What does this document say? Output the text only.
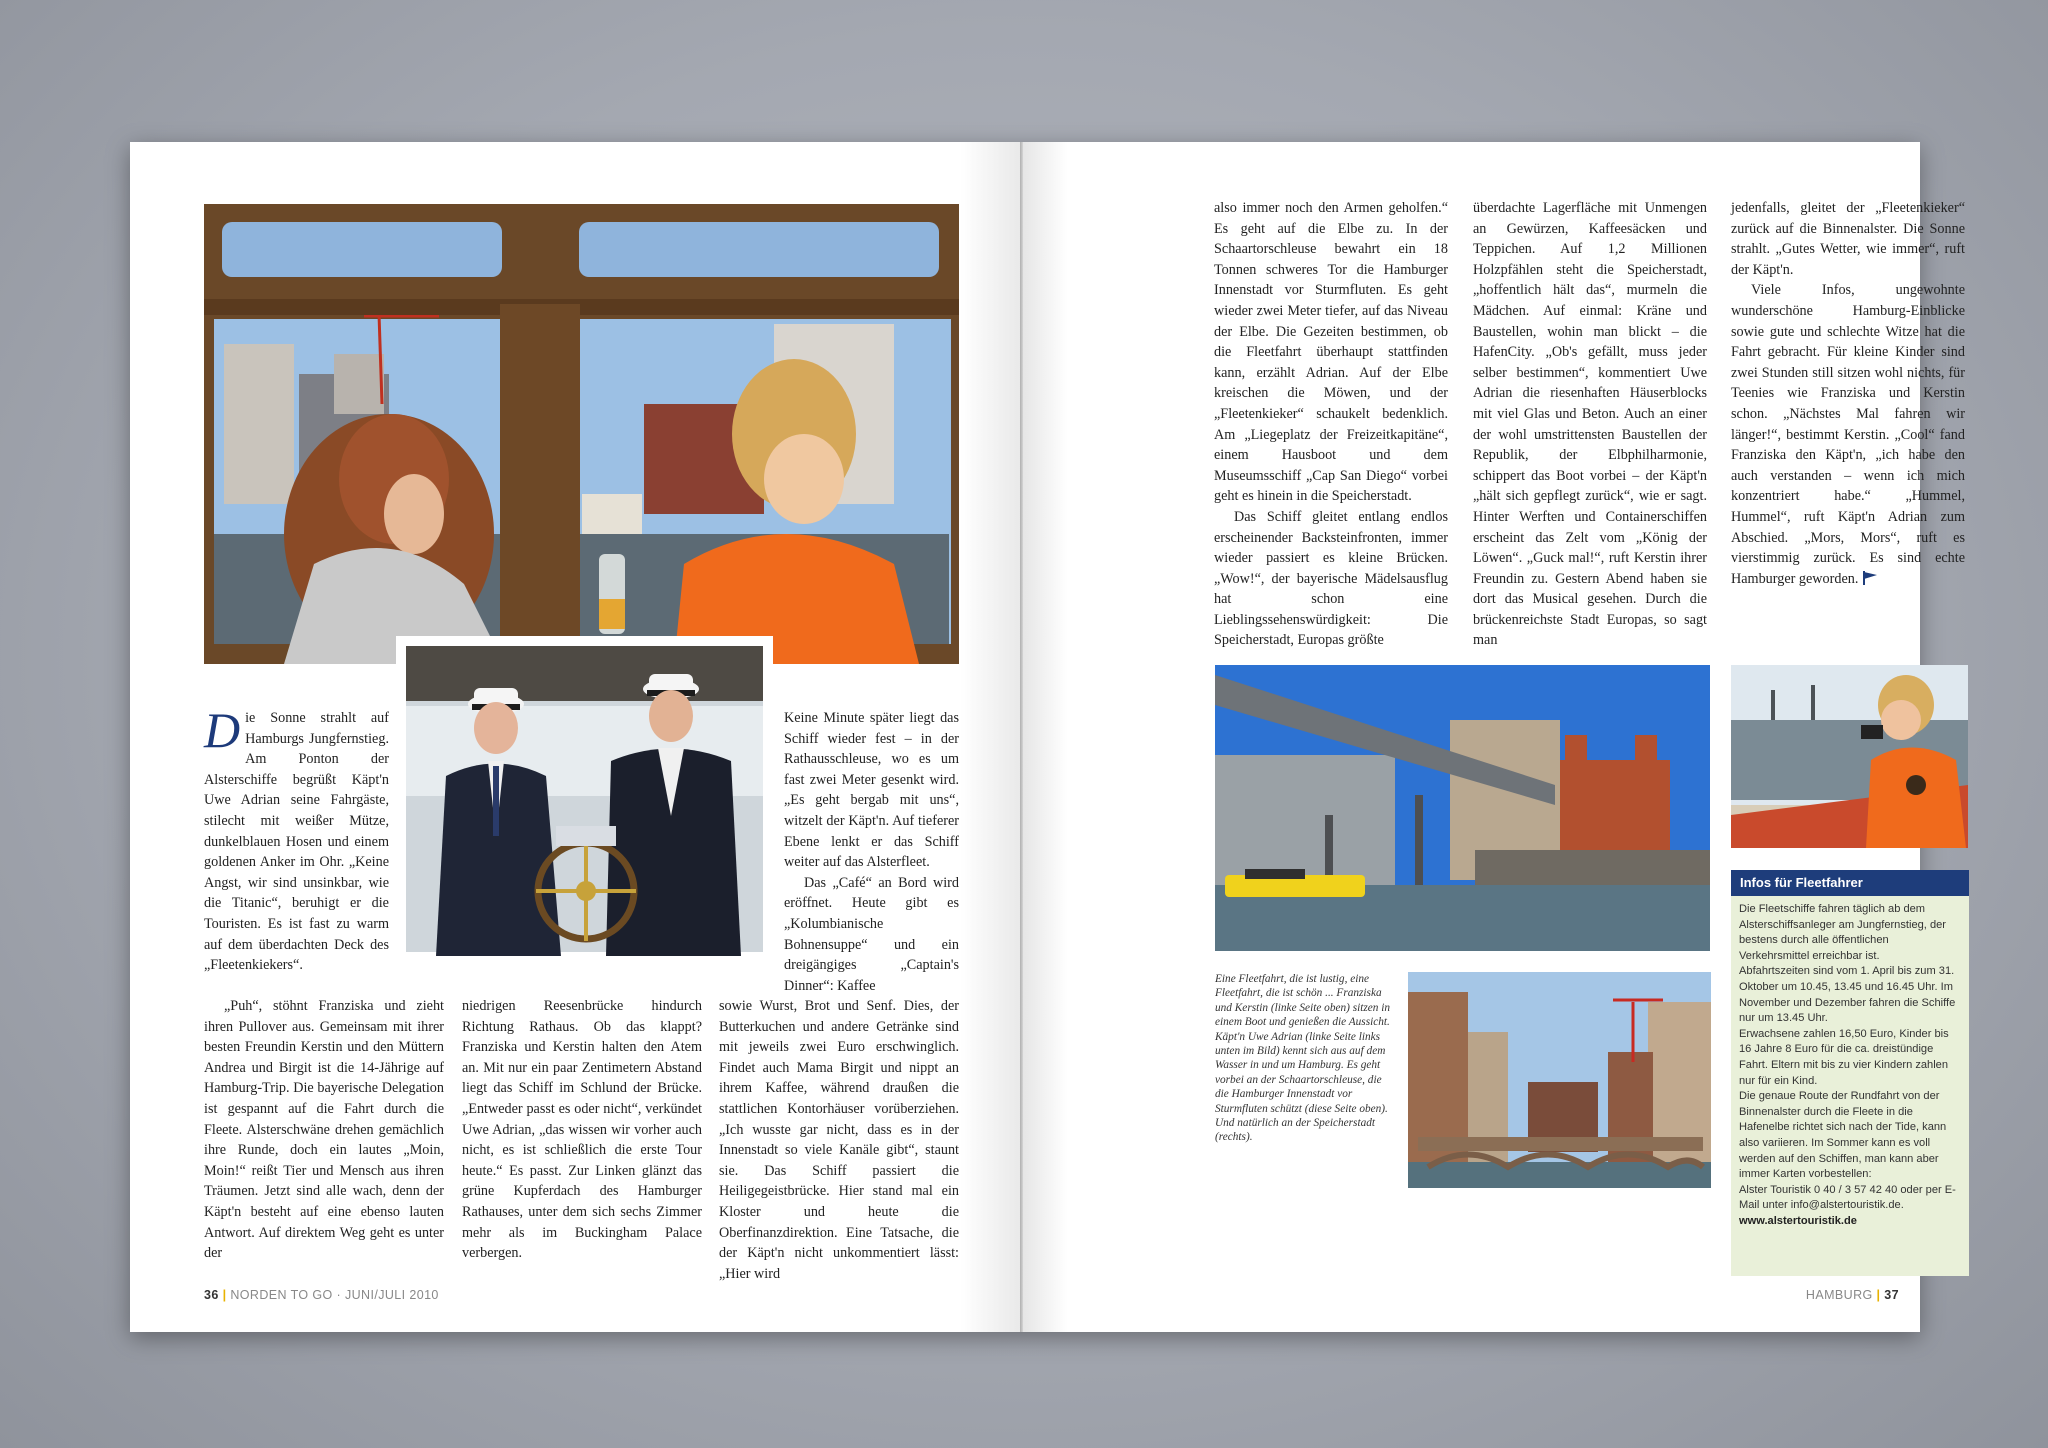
Die Sonne strahlt auf Hamburgs Jungfernstieg. Am Ponton der Alsterschiffe begrüßt Käpt'n Uwe Adrian seine Fahrgäste, stilecht mit weißer Mütze, dunkelblauen Hosen und einem goldenen Anker im Ohr. „Keine Angst, wir sind unsinkbar, wie die Titanic“, beruhigt er die Touristen. Es ist fast zu warm auf dem überdachten Deck des „Fleetenkiekers“.

„Puh“, stöhnt Franziska und zieht ihren Pullover aus. Gemeinsam mit ihrer besten Freundin Kerstin und den Müttern Andrea und Birgit ist die 14-Jährige auf Hamburg-Trip. Die bayerische Delegation ist gespannt auf die Fahrt durch die Fleete. Alsterschwäne drehen gemächlich ihre Runde, doch ein lautes „Moin, Moin!“ reißt Tier und Mensch aus ihren Träumen. Jetzt sind alle wach, denn der Käpt'n besteht auf eine ebenso lauten Antwort. Auf direktem Weg geht es unter der

niedrigen Reesenbrücke hindurch Richtung Rathaus. Ob das klappt? Franziska und Kerstin halten den Atem an. Mit nur ein paar Zentimetern Abstand liegt das Schiff im Schlund der Brücke. „Entweder passt es oder nicht“, verkündet Uwe Adrian, „das wissen wir vorher auch nicht, es ist schließlich die erste Tour heute.“ Es passt. Zur Linken glänzt das grüne Kupferdach des Hamburger Rathauses, unter dem sich sechs Zimmer mehr als im Buckingham Palace verbergen.

Keine Minute später liegt das Schiff wieder fest – in der Rathausschleuse, wo es um fast zwei Meter gesenkt wird. „Es geht bergab mit uns“, witzelt der Käpt'n. Auf tieferer Ebene lenkt er das Schiff weiter auf das Alsterfleet.

Das „Café“ an Bord wird eröffnet. Heute gibt es „Kolumbianische Bohnensuppe“ und ein dreigängiges „Captain's Dinner“: Kaffee

sowie Wurst, Brot und Senf. Dies, der Butterkuchen und andere Getränke sind mit jeweils zwei Euro erschwinglich. Findet auch Mama Birgit und nippt an ihrem Kaffee, während draußen die stattlichen Kontorhäuser vorüberziehen. „Ich wusste gar nicht, dass es in der Innenstadt so viele Kanäle gibt“, staunt sie. Das Schiff passiert die Heiligegeistbrücke. Hier stand mal ein Kloster und heute die Oberfinanzdirektion. Eine Tatsache, die der Käpt'n nicht unkommentiert lässt: „Hier wird

36 | NORDEN TO GO · JUNI/JULI 2010

also immer noch den Armen geholfen.“ Es geht auf die Elbe zu. In der Schaartorschleuse bewahrt ein 18 Tonnen schweres Tor die Hamburger Innenstadt vor Sturmfluten. Es geht wieder zwei Meter tiefer, auf das Niveau der Elbe. Die Gezeiten bestimmen, ob die Fleetfahrt überhaupt stattfinden kann, erzählt Adrian. Auf der Elbe kreischen die Möwen, und der „Fleetenkieker“ schaukelt bedenklich. Am „Liegeplatz der Freizeitkapitäne“, einem Hausboot und dem Museumsschiff „Cap San Diego“ vorbei geht es hinein in die Speicherstadt.

Das Schiff gleitet entlang endlos erscheinender Backsteinfronten, immer wieder passiert es kleine Brücken. „Wow!“, der bayerische Mädelsausflug hat schon eine Lieblingssehenswürdigkeit: Die Speicherstadt, Europas größte

überdachte Lagerfläche mit Unmengen an Gewürzen, Kaffeesäcken und Teppichen. Auf 1,2 Millionen Holzpfählen steht die Speicherstadt, „hoffentlich hält das“, murmeln die Mädchen. Auf einmal: Kräne und Baustellen, wohin man blickt – die HafenCity. „Ob's gefällt, muss jeder selber bestimmen“, kommentiert Uwe Adrian die riesenhaften Häuserblocks mit viel Glas und Beton. Auch an einer der wohl umstrittensten Baustellen der Republik, der Elbphilharmonie, schippert das Boot vorbei – der Käpt'n „hält sich gepflegt zurück“, wie er sagt. Hinter Werften und Containerschiffen erscheint das Zelt vom „König der Löwen“. „Guck mal!“, ruft Kerstin ihrer Freundin zu. Gestern Abend haben sie dort das Musical gesehen. Durch die brückenreichste Stadt Europas, so sagt man

jedenfalls, gleitet der „Fleetenkieker“ zurück auf die Binnenalster. Die Sonne strahlt. „Gutes Wetter, wie immer“, ruft der Käpt'n.

Viele Infos, ungewohnte wunderschöne Hamburg-Einblicke sowie gute und schlechte Witze hat die Fahrt gebracht. Für kleine Kinder sind zwei Stunden still sitzen wohl nichts, für Teenies wie Franziska und Kerstin schon. „Nächstes Mal fahren wir länger!“, bestimmt Kerstin. „Cool“ fand Franziska den Käpt'n, „ich habe den auch verstanden – wenn ich mich konzentriert habe.“ „Hummel, Hummel“, ruft Käpt'n Adrian zum Abschied. „Mors, Mors“, ruft es vierstimmig zurück. Es sind echte Hamburger geworden.

Eine Fleetfahrt, die ist lustig, eine Fleetfahrt, die ist schön ... Franziska und Kerstin (linke Seite oben) sitzen in einem Boot und genießen die Aussicht. Käpt'n Uwe Adrian (linke Seite links unten im Bild) kennt sich aus auf dem Wasser in und um Hamburg. Es geht vorbei an der Schaartorschleuse, die die Hamburger Innenstadt vor Sturmfluten schützt (diese Seite oben). Und natürlich an der Speicherstadt (rechts).
Infos für Fleetfahrer

Die Fleetschiffe fahren täglich ab dem Alsterschiffsanleger am Jungfernstieg, der bestens durch alle öffentlichen Verkehrsmittel erreichbar ist.

Abfahrtszeiten sind vom 1. April bis zum 31. Oktober um 10.45, 13.45 und 16.45 Uhr. Im November und Dezember fahren die Schiffe nur um 13.45 Uhr.

Erwachsene zahlen 16,50 Euro, Kinder bis 16 Jahre 8 Euro für die ca. dreistündige Fahrt. Eltern mit bis zu vier Kindern zahlen nur für ein Kind.

Die genaue Route der Rundfahrt von der Binnenalster durch die Fleete in die Hafenelbe richtet sich nach der Tide, kann also variieren. Im Sommer kann es voll werden auf den Schiffen, man kann aber immer Karten vorbestellen:

Alster Touristik 0 40 / 3 57 42 40 oder per E-Mail unter info@alstertouristik.de.

www.alstertouristik.de

HAMBURG | 37
